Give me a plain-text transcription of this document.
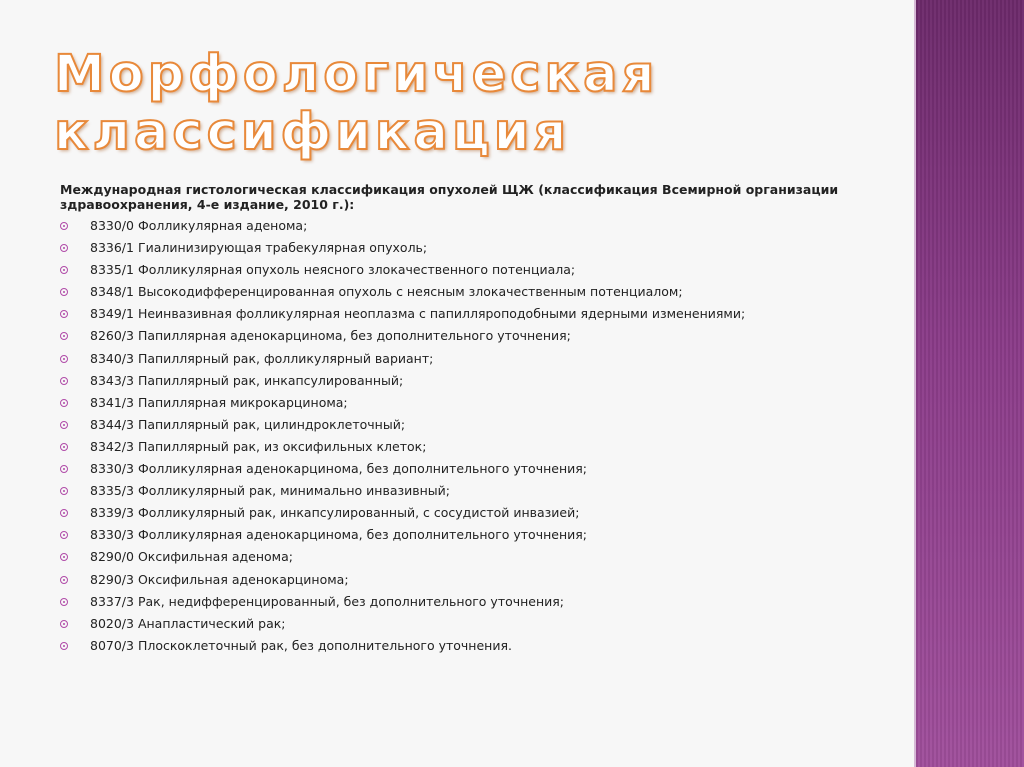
Морфологическая
классификация

Международная гистологическая классификация опухолей ЩЖ (классификация Всемирной организации здравоохранения, 4-е издание, 2010 г.):

8330/0 Фолликулярная аденома;
8336/1 Гиалинизирующая трабекулярная опухоль;
8335/1 Фолликулярная опухоль неясного злокачественного потенциала;
8348/1 Высокодифференцированная опухоль с неясным злокачественным потенциалом;
8349/1 Неинвазивная фолликулярная неоплазма с папилляроподобными ядерными изменениями;
8260/3 Папиллярная аденокарцинома, без дополнительного уточнения;
8340/3 Папиллярный рак, фолликулярный вариант;
8343/3 Папиллярный рак, инкапсулированный;
8341/3 Папиллярная микрокарцинома;
8344/3 Папиллярный рак, цилиндроклеточный;
8342/3 Папиллярный рак, из оксифильных клеток;
8330/3 Фолликулярная аденокарцинома, без дополнительного уточнения;
8335/3 Фолликулярный рак, минимально инвазивный;
8339/3 Фолликулярный рак, инкапсулированный, с сосудистой инвазией;
8330/3 Фолликулярная аденокарцинома, без дополнительного уточнения;
8290/0 Оксифильная аденома;
8290/3 Оксифильная аденокарцинома;
8337/3 Рак, недифференцированный, без дополнительного уточнения;
8020/3 Анапластический рак;
8070/3 Плоскоклеточный рак, без дополнительного уточнения.
